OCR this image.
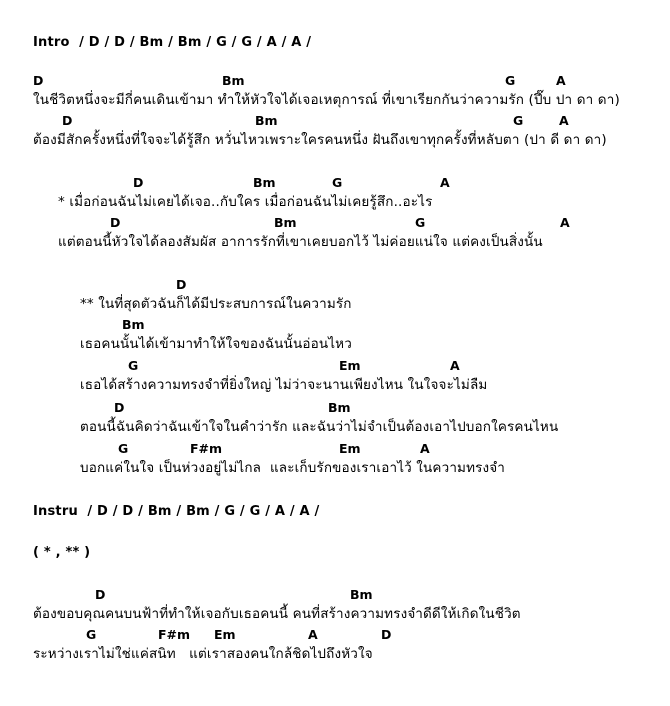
Intro  / D / D / Bm / Bm / G / G / A / A /
D	Bm	G	A
ในชีวิตหนึ่งจะมีกี่คนเดินเข้ามา ทำให้หัวใจได้เจอเหตุการณ์ ที่เขาเรียกกันว่าความรัก (ปึ๊บ ปา ดา ดา)
D	Bm	G	A
ต้องมีสักครั้งหนึ่งที่ใจจะได้รู้สึก หวั่นไหวเพราะใครคนหนึ่ง ฝันถึงเขาทุกครั้งที่หลับตา (ปา ดี ดา ดา)
D	Bm	G	A
* เมื่อก่อนฉันไม่เคยได้เจอ..กับใคร เมื่อก่อนฉันไม่เคยรู้สึก..อะไร
D	Bm	G	A
แต่ตอนนี้หัวใจได้ลองสัมผัส อาการรักที่เขาเคยบอกไว้ ไม่ค่อยแน่ใจ แต่คงเป็นสิ่งนั้น
D
** ในที่สุดตัวฉันก็ได้มีประสบการณ์ในความรัก
Bm
เธอคนนั้นได้เข้ามาทำให้ใจของฉันนั้นอ่อนไหว
G	Em	A
เธอได้สร้างความทรงจำที่ยิ่งใหญ่ ไม่ว่าจะนานเพียงไหน ในใจจะไม่ลืม
D	Bm
ตอนนี้ฉันคิดว่าฉันเข้าใจในคำว่ารัก และฉันว่าไม่จำเป็นต้องเอาไปบอกใครคนไหน
G	F#m	Em	A
บอกแค่ในใจ เป็นห่วงอยู่ไม่ไกล  และเก็บรักของเราเอาไว้ ในความทรงจำ
Instru  / D / D / Bm / Bm / G / G / A / A /
( * , ** )
D	Bm
ต้องขอบคุณคนบนฟ้าที่ทำให้เจอกับเธอคนนี้ คนที่สร้างความทรงจำดีดีให้เกิดในชีวิต
G	F#m Em	A	D
ระหว่างเราไม่ใช่แค่สนิท   แต่เราสองคนใกล้ชิดไปถึงหัวใจ
